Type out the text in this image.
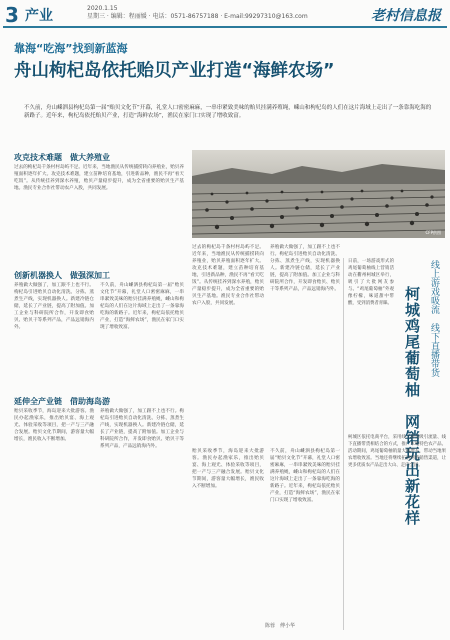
3 产业	2020.1.15
星期三 · 编辑：程丽媛 · 电话：0571-86757188 · E-mail:99297310@163.com	老村信息报
靠海“吃海”找到新蓝海
舟山枸杞岛依托贻贝产业打造“海鲜农场”
不久前，舟山嵊泗县枸杞岛第一届“贻贝文化节”开幕，礼堂人口密密麻麻，一串串紧致美味的贻贝挂满养殖绳，嵊山和枸杞岛的人们在这片海域上走出了一条靠海吃海的新路子。近年来，枸杞岛依托贻贝产业，打造“海鲜农场”，渔民在家门口实现了增收致富。
攻克技术难题　做大养殖业
过去的枸杞岛千条村村岛屿不足。近年来，当地渔民从传统捕捞转向养殖业，贻贝养殖面积逐年扩大。攻克技术难题，建立苗种培育基地，引进新品种，渔民不再“看天吃饭”。从传统挂养到深水养殖，贻贝产量稳步提升，成为全省重要的贻贝生产基地。渔民专业合作社带动农户入股，共同发展。
CFP供图
过去的枸杞岛千条村村岛屿不足。近年来，当地渔民从传统捕捞转向养殖业，贻贝养殖面积逐年扩大。攻克技术难题，建立苗种培育基地，引进新品种，渔民不再“看天吃饭”。从传统挂养到深水养殖，贻贝产量稳步提升，成为全省重要的贻贝生产基地。渔民专业合作社带动农户入股，共同发展。
养殖做大做强了，加工跟不上也不行。枸杞岛引进贻贝自动化清洗、分拣、蒸煮生产线，实现机器换人。新建冷链仓储，延长了产业链，提高了附加值。加工企业与科研院所合作，开发即食贻贝、贻贝干等系列产品，产品远销海内外。
创新机器换人　做强深加工
养殖做大做强了，加工跟不上也不行。枸杞岛引进贻贝自动化清洗、分拣、蒸煮生产线，实现机器换人。新建冷链仓储，延长了产业链，提高了附加值。加工企业与科研院所合作，开发即食贻贝、贻贝干等系列产品，产品远销海内外。
不久前，舟山嵊泗县枸杞岛第一届“贻贝文化节”开幕，礼堂人口密密麻麻，一串串紧致美味的贻贝挂满养殖绳，嵊山和枸杞岛的人们在这片海域上走出了一条靠海吃海的新路子。近年来，枸杞岛依托贻贝产业，打造“海鲜农场”，渔民在家门口实现了增收致富。
延伸全产业链　借助海岛游
贻贝采收季节，海岛迎来大批游客。渔民办起渔家乐，推出贻贝宴、海上观光、体验采收等项目，把一产与三产融合发展。贻贝文化节期间，游客量大幅增长，渔民收入不断增加。
养殖做大做强了，加工跟不上也不行。枸杞岛引进贻贝自动化清洗、分拣、蒸煮生产线，实现机器换人。新建冷链仓储，延长了产业链，提高了附加值。加工企业与科研院所合作，开发即食贻贝、贻贝干等系列产品，产品远销海内外。
贻贝采收季节，海岛迎来大批游客。渔民办起渔家乐，推出贻贝宴、海上观光、体验采收等项目，把一产与三产融合发展。贻贝文化节期间，游客量大幅增长，渔民收入不断增加。
不久前，舟山嵊泗县枸杞岛第一届“贻贝文化节”开幕，礼堂人口密密麻麻，一串串紧致美味的贻贝挂满养殖绳，嵊山和枸杞岛的人们在这片海域上走出了一条靠海吃海的新路子。近年来，枸杞岛依托贻贝产业，打造“海鲜农场”，渔民在家门口实现了增收致富。
陈蓉　傅小华
日前，一场游戏形式的鸡尾葡萄柚线上营销活动在衢州柯城区举行，吸引了大批网友参与。“鸡尾葡萄柚”外观像柠檬，味道甜中带酸，受到消费者青睐。 柯城鸡尾葡萄柚　网销玩出新花样 线上游戏吸流　线下直播带货
柯城区依托电商平台，采用线上游戏吸引流量、线下直播带货相结合的方式，推广本地特色农产品。活动期间，鸡尾葡萄柚销量大幅增长，带动当地果农增收致富。当地还将继续拓展网络销售渠道，让更多优质农产品走出大山、走向全国。
